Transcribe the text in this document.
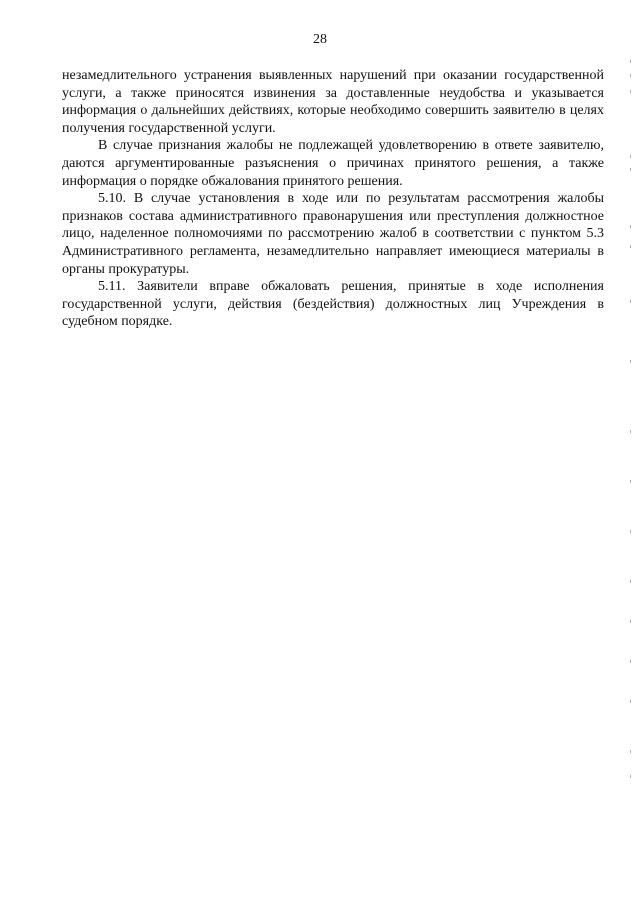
28

незамедлительного устранения выявленных нарушений при оказании государственной услуги, а также приносятся извинения за доставленные неудобства и указывается информация о дальнейших действиях, которые необходимо совершить заявителю в целях получения государственной услуги.

В случае признания жалобы не подлежащей удовлетворению в ответе заявителю, даются аргументированные разъяснения о причинах принятого решения, а также информация о порядке обжалования принятого решения.

5.10. В случае установления в ходе или по результатам рассмотрения жалобы признаков состава административного правонарушения или преступления должностное лицо, наделенное полномочиями по рассмотрению жалоб в соответствии с пунктом 5.3 Административного регламента, незамедлительно направляет имеющиеся материалы в органы прокуратуры.

5.11. Заявители вправе обжаловать решения, принятые в ходе исполнения государственной услуги, действия (бездействия) должностных лиц Учреждения в судебном порядке.
